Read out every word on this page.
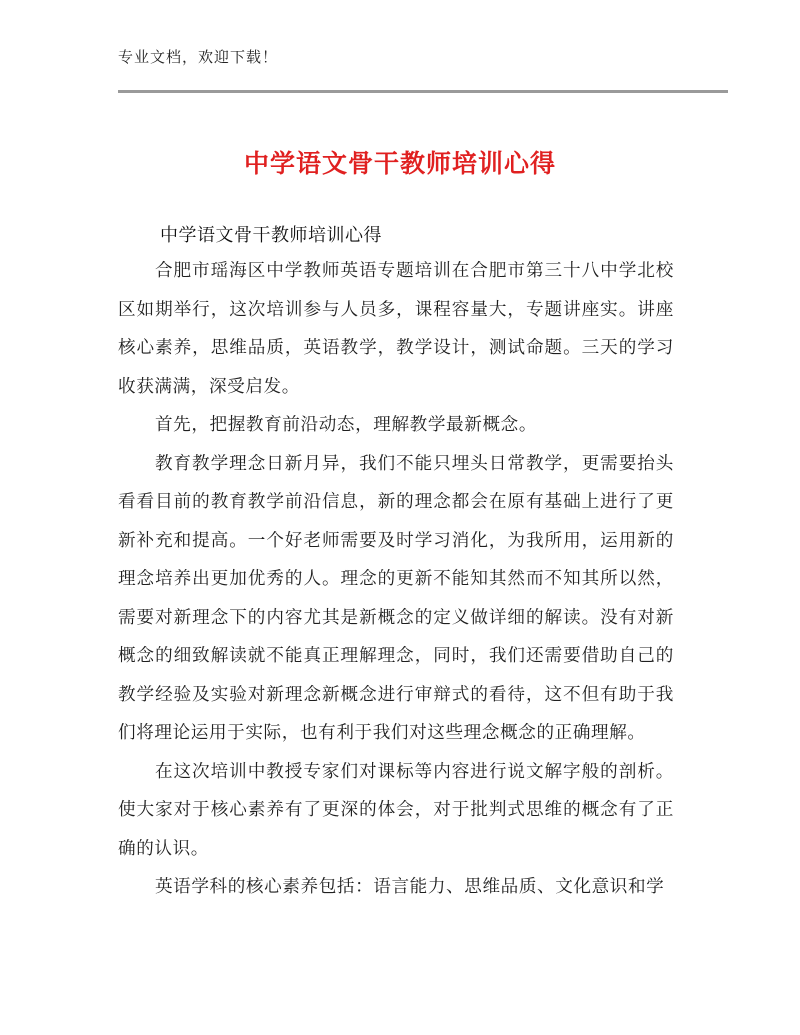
专业文档，欢迎下载！
中学语文骨干教师培训心得
中学语文骨干教师培训心得

合肥市瑶海区中学教师英语专题培训在合肥市第三十八中学北校区如期举行，这次培训参与人员多，课程容量大，专题讲座实。讲座核心素养，思维品质，英语教学，教学设计，测试命题。三天的学习收获满满，深受启发。

首先，把握教育前沿动态，理解教学最新概念。

教育教学理念日新月异，我们不能只埋头日常教学，更需要抬头看看目前的教育教学前沿信息，新的理念都会在原有基础上进行了更新补充和提高。一个好老师需要及时学习消化，为我所用，运用新的理念培养出更加优秀的人。理念的更新不能知其然而不知其所以然，需要对新理念下的内容尤其是新概念的定义做详细的解读。没有对新概念的细致解读就不能真正理解理念，同时，我们还需要借助自己的教学经验及实验对新理念新概念进行审辩式的看待，这不但有助于我们将理论运用于实际，也有利于我们对这些理念概念的正确理解。

在这次培训中教授专家们对课标等内容进行说文解字般的剖析。使大家对于核心素养有了更深的体会，对于批判式思维的概念有了正确的认识。

英语学科的核心素养包括：语言能力、思维品质、文化意识和学
